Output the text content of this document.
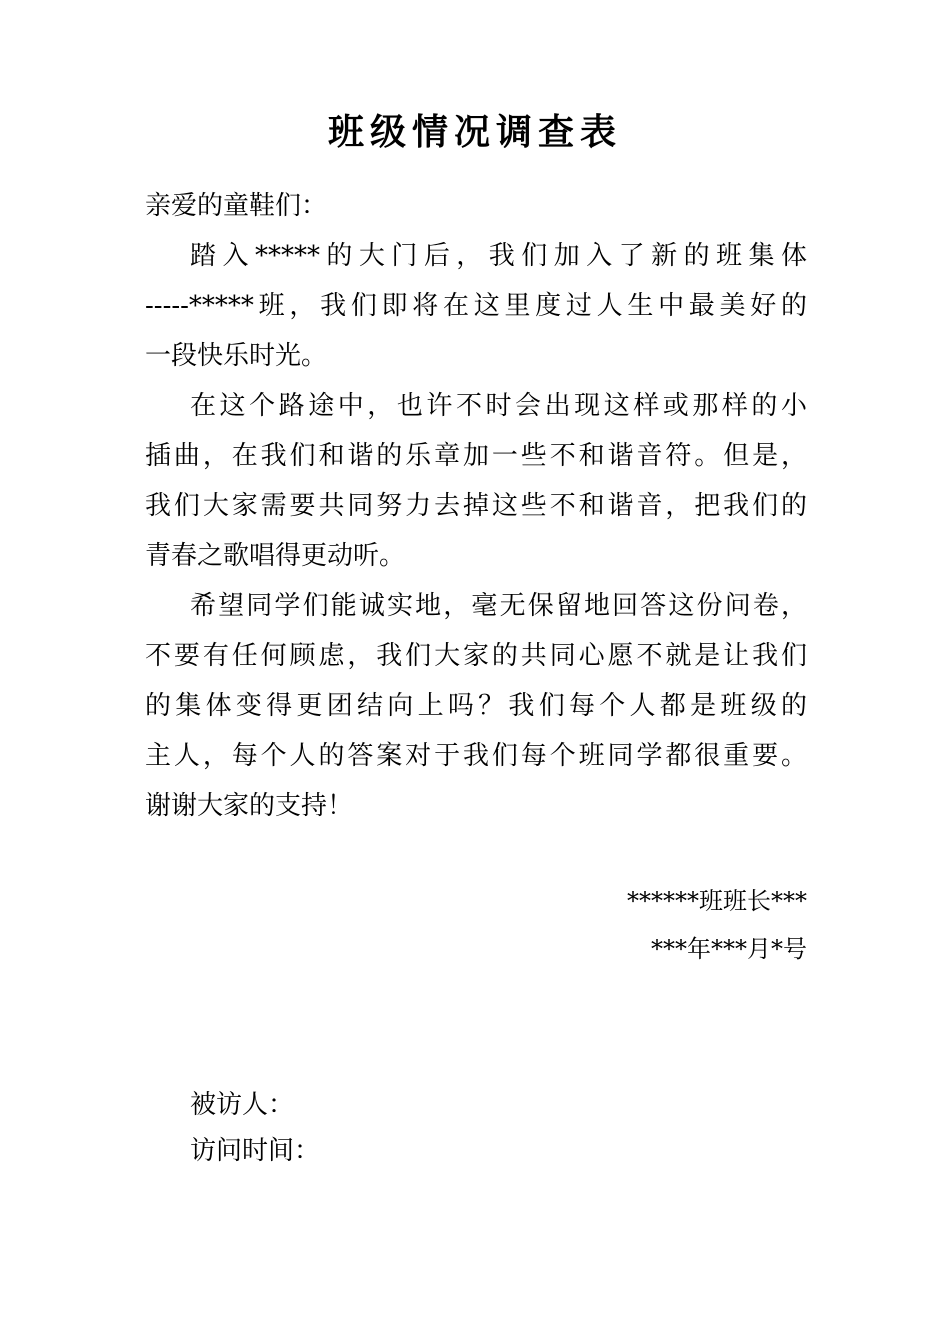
班级情况调查表
亲爱的童鞋们：
踏入*****的大门后，我们加入了新的班集体
-----*****班，我们即将在这里度过人生中最美好的
一段快乐时光。
在这个路途中，也许不时会出现这样或那样的小
插曲，在我们和谐的乐章加一些不和谐音符。但是，
我们大家需要共同努力去掉这些不和谐音，把我们的
青春之歌唱得更动听。
希望同学们能诚实地，毫无保留地回答这份问卷，
不要有任何顾虑，我们大家的共同心愿不就是让我们
的集体变得更团结向上吗？我们每个人都是班级的
主人，每个人的答案对于我们每个班同学都很重要。
谢谢大家的支持！
******班班长***
***年***月*号
被访人：
访问时间：
